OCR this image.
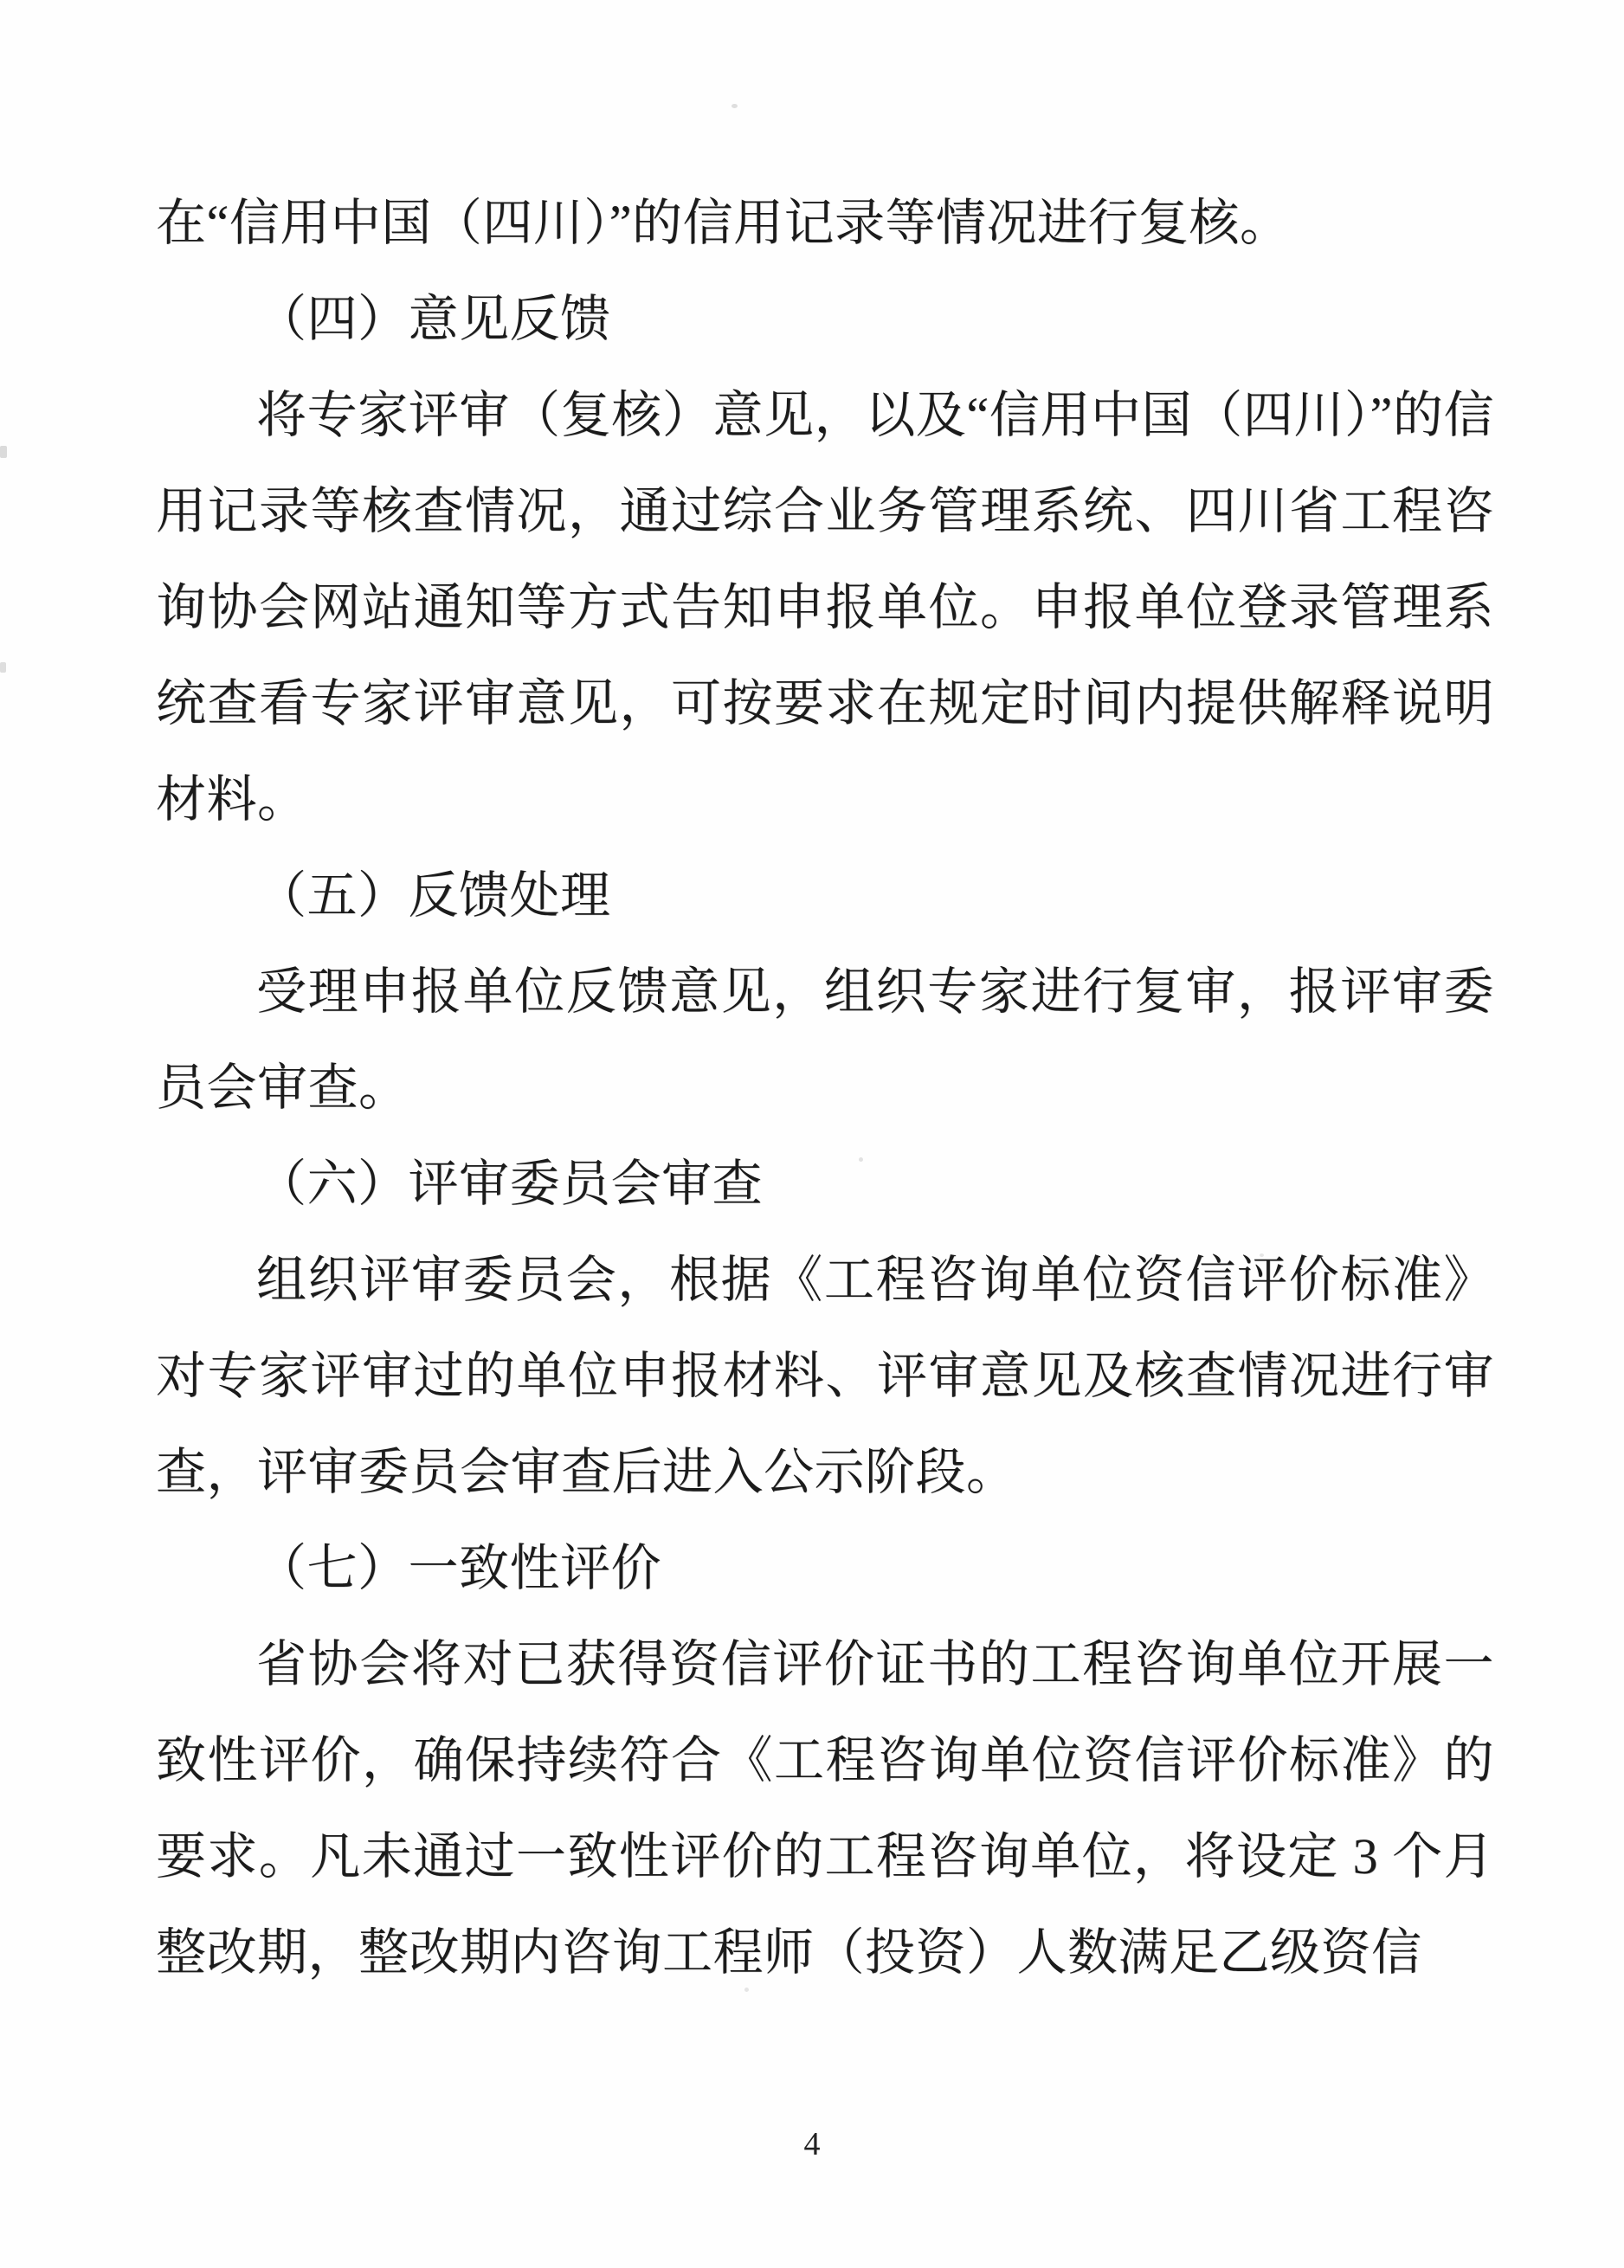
在“信用中国（四川）”的信用记录等情况进行复核。

（四）意见反馈

将专家评审（复核）意见，以及“信用中国（四川）”的信用记录等核查情况，通过综合业务管理系统、四川省工程咨询协会网站通知等方式告知申报单位。申报单位登录管理系统查看专家评审意见，可按要求在规定时间内提供解释说明材料。

（五）反馈处理

受理申报单位反馈意见，组织专家进行复审，报评审委员会审查。

（六）评审委员会审查

组织评审委员会，根据《工程咨询单位资信评价标准》对专家评审过的单位申报材料、评审意见及核查情况进行审查，评审委员会审查后进入公示阶段。

（七）一致性评价

省协会将对已获得资信评价证书的工程咨询单位开展一致性评价，确保持续符合《工程咨询单位资信评价标准》的要求。凡未通过一致性评价的工程咨询单位，将设定 3 个月整改期，整改期内咨询工程师（投资）人数满足乙级资信

4
